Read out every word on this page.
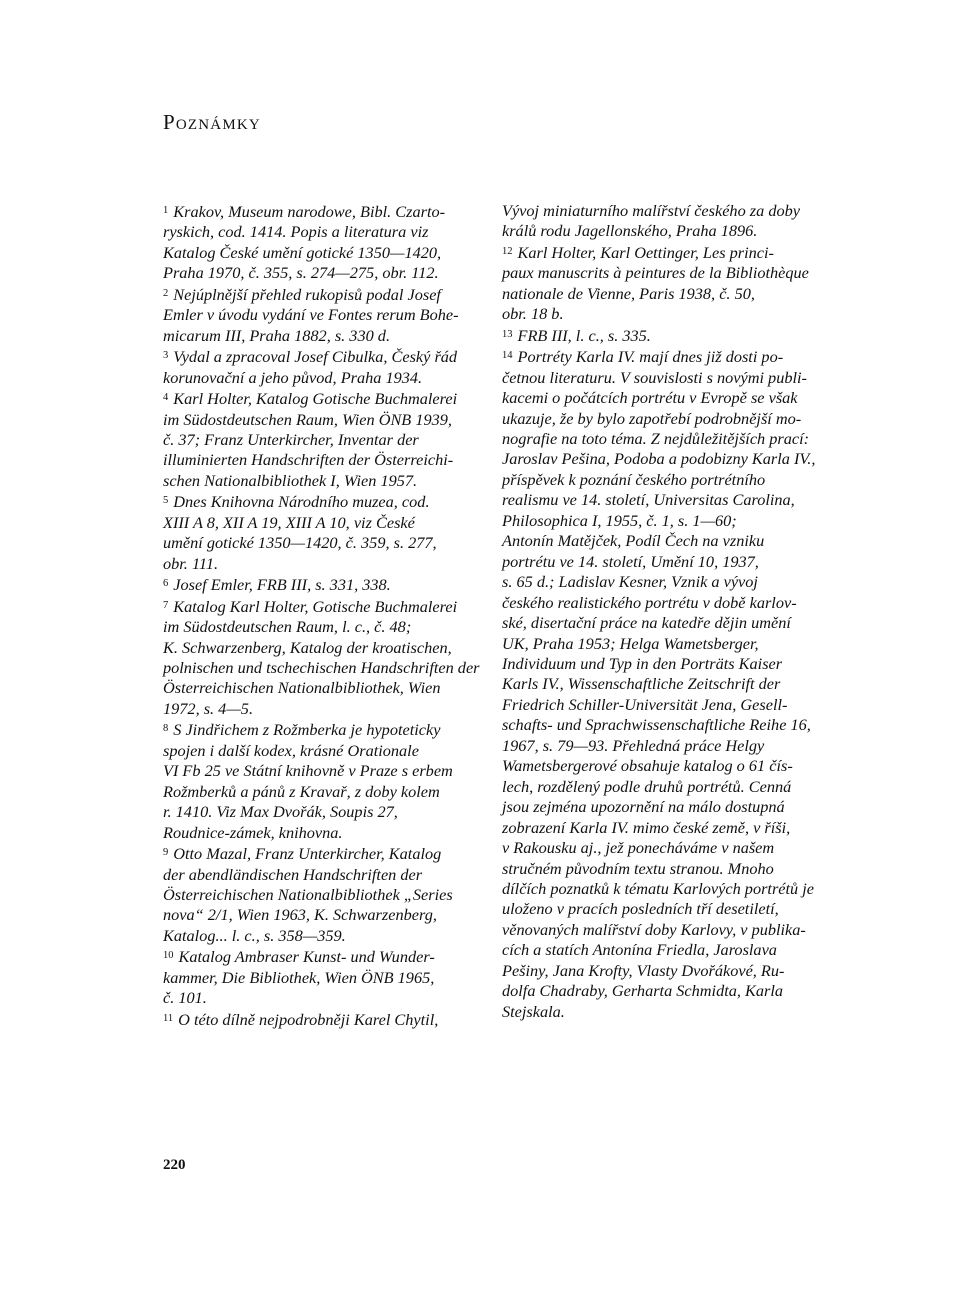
Poznámky
$^1$ Krakov, Museum narodowe, Bibl. Czarto-
ryskich, cod. 1414. Popis a literatura viz
Katalog České umění gotické 1350—1420,
Praha 1970, č. 355, s. 274—275, obr. 112.
$^2$ Nejúplnější přehled rukopisů podal Josef
Emler v úvodu vydání ve Fontes rerum Bohe-
micarum III, Praha 1882, s. 330 d.
$^3$ Vydal a zpracoval Josef Cibulka, Český řád
korunovační a jeho původ, Praha 1934.
$^4$ Karl Holter, Katalog Gotische Buchmalerei
im Südostdeutschen Raum, Wien ÖNB 1939,
č. 37; Franz Unterkircher, Inventar der
illuminierten Handschriften der Österreichi-
schen Nationalbibliothek I, Wien 1957.
$^5$ Dnes Knihovna Národního muzea, cod.
XIII A 8, XII A 19, XIII A 10, viz České
umění gotické 1350—1420, č. 359, s. 277,
obr. 111.
$^6$ Josef Emler, FRB III, s. 331, 338.
$^7$ Katalog Karl Holter, Gotische Buchmalerei
im Südostdeutschen Raum, l. c., č. 48;
K. Schwarzenberg, Katalog der kroatischen,
polnischen und tschechischen Handschriften der
Österreichischen Nationalbibliothek, Wien
1972, s. 4—5.
$^8$ S Jindřichem z Rožmberka je hypoteticky
spojen i další kodex, krásné Orationale
VI Fb 25 ve Státní knihovně v Praze s erbem
Rožmberků a pánů z Kravař, z doby kolem
r. 1410. Viz Max Dvořák, Soupis 27,
Roudnice-zámek, knihovna.
$^9$ Otto Mazal, Franz Unterkircher, Katalog
der abendländischen Handschriften der
Österreichischen Nationalbibliothek „Series
nova“ 2/1, Wien 1963, K. Schwarzenberg,
Katalog... l. c., s. 358—359.
$^{10}$ Katalog Ambraser Kunst- und Wunder-
kammer, Die Bibliothek, Wien ÖNB 1965,
č. 101.
$^{11}$ O této dílně nejpodrobněji Karel Chytil,
Vývoj miniaturního malířství českého za doby
králů rodu Jagellonského, Praha 1896.
$^{12}$ Karl Holter, Karl Oettinger, Les princi-
paux manuscrits à peintures de la Bibliothèque
nationale de Vienne, Paris 1938, č. 50,
obr. 18 b.
$^{13}$ FRB III, l. c., s. 335.
$^{14}$ Portréty Karla IV. mají dnes již dosti po-
četnou literaturu. V souvislosti s novými publi-
kacemi o počátcích portrétu v Evropě se však
ukazuje, že by bylo zapotřebí podrobnější mo-
nografie na toto téma. Z nejdůležitějších prací:
Jaroslav Pešina, Podoba a podobizny Karla IV.,
příspěvek k poznání českého portrétního
realismu ve 14. století, Universitas Carolina,
Philosophica I, 1955, č. 1, s. 1—60;
Antonín Matějček, Podíl Čech na vzniku
portrétu ve 14. století, Umění 10, 1937,
s. 65 d.; Ladislav Kesner, Vznik a vývoj
českého realistického portrétu v době karlov-
ské, disertační práce na katedře dějin umění
UK, Praha 1953; Helga Wametsberger,
Individuum und Typ in den Porträts Kaiser
Karls IV., Wissenschaftliche Zeitschrift der
Friedrich Schiller-Universität Jena, Gesell-
schafts- und Sprachwissenschaftliche Reihe 16,
1967, s. 79—93. Přehledná práce Helgy
Wametsbergerové obsahuje katalog o 61 čís-
lech, rozdělený podle druhů portrétů. Cenná
jsou zejména upozornění na málo dostupná
zobrazení Karla IV. mimo české země, v říši,
v Rakousku aj., jež ponecháváme v našem
stručném původním textu stranou. Mnoho
dílčích poznatků k tématu Karlových portrétů je
uloženo v pracích posledních tří desetiletí,
věnovaných malířství doby Karlovy, v publika-
cích a statích Antonína Friedla, Jaroslava
Pešiny, Jana Krofty, Vlasty Dvořákové, Ru-
dolfa Chadraby, Gerharta Schmidta, Karla
Stejskala.
220
